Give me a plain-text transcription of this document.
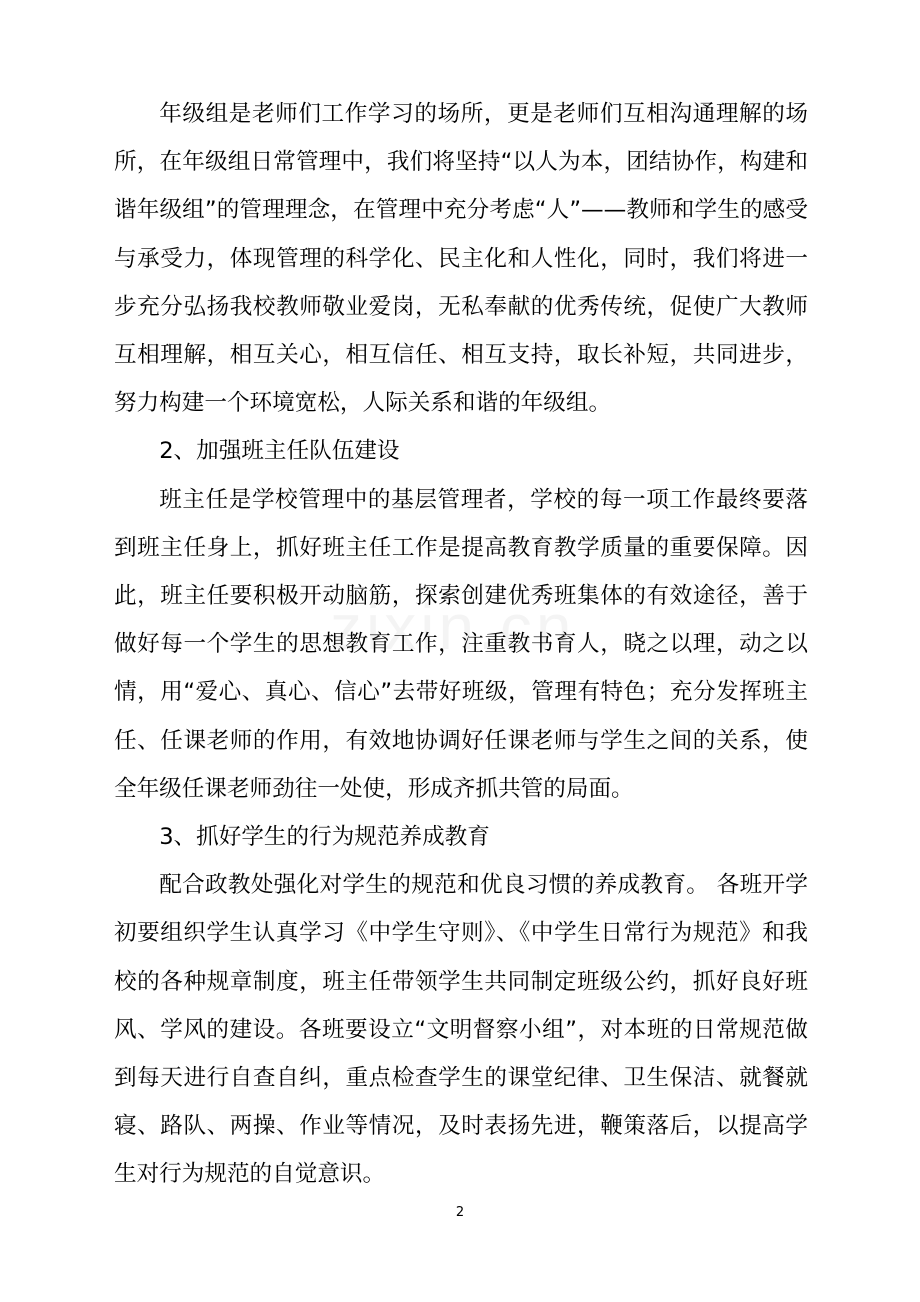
年级组是老师们工作学习的场所，更是老师们互相沟通理解的场所，在年级组日常管理中，我们将坚持“以人为本，团结协作，构建和谐年级组”的管理理念，在管理中充分考虑“人”——教师和学生的感受与承受力，体现管理的科学化、民主化和人性化，同时，我们将进一步充分弘扬我校教师敬业爱岗，无私奉献的优秀传统，促使广大教师互相理解，相互关心，相互信任、相互支持，取长补短，共同进步，努力构建一个环境宽松，人际关系和谐的年级组。

2、加强班主任队伍建设

班主任是学校管理中的基层管理者，学校的每一项工作最终要落到班主任身上，抓好班主任工作是提高教育教学质量的重要保障。因此，班主任要积极开动脑筋，探索创建优秀班集体的有效途径，善于做好每一个学生的思想教育工作，注重教书育人，晓之以理，动之以情，用“爱心、真心、信心”去带好班级，管理有特色；充分发挥班主任、任课老师的作用，有效地协调好任课老师与学生之间的关系，使全年级任课老师劲往一处使，形成齐抓共管的局面。

3、抓好学生的行为规范养成教育

配合政教处强化对学生的规范和优良习惯的养成教育。 各班开学初要组织学生认真学习《中学生守则》、《中学生日常行为规范》和我校的各种规章制度，班主任带领学生共同制定班级公约，抓好良好班风、学风的建设。各班要设立“文明督察小组”，对本班的日常规范做到每天进行自查自纠，重点检查学生的课堂纪律、卫生保洁、就餐就寝、路队、两操、作业等情况，及时表扬先进，鞭策落后，以提高学生对行为规范的自觉意识。

2
